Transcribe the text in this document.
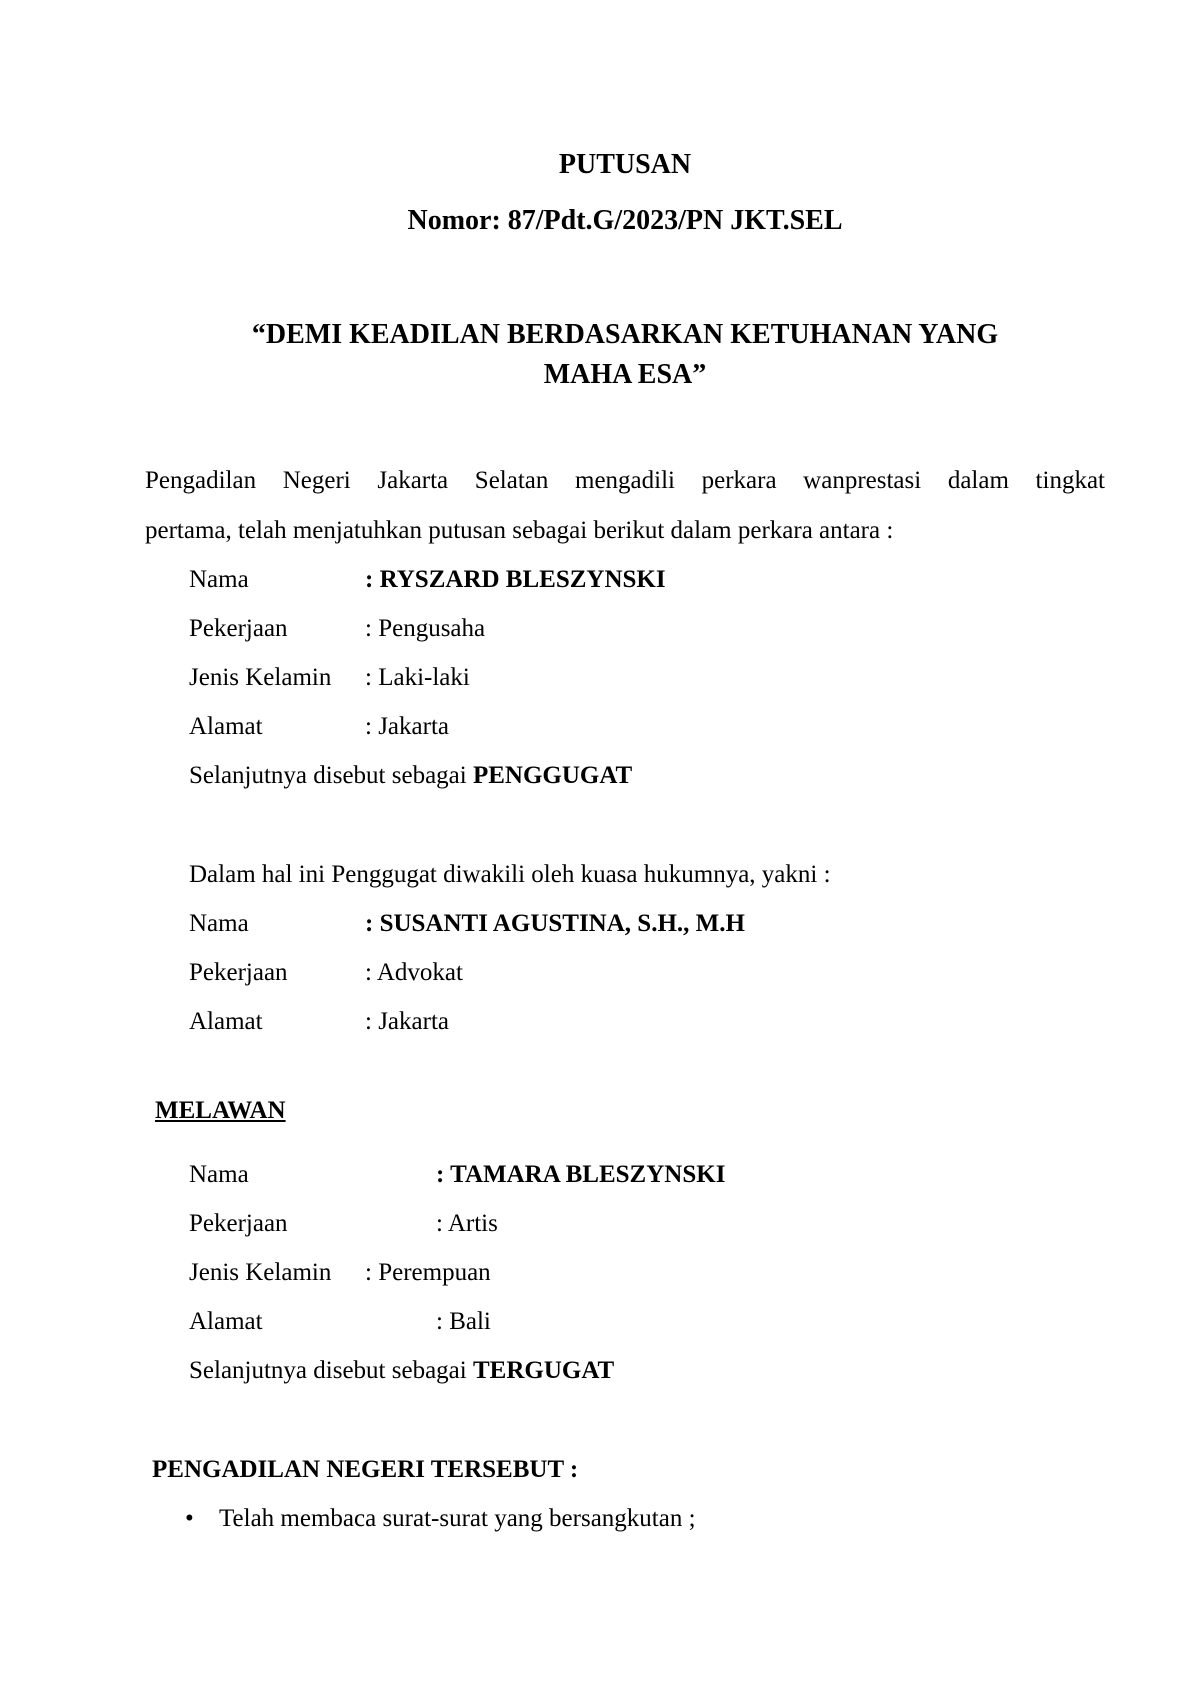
PUTUSAN
Nomor: 87/Pdt.G/2023/PN JKT.SEL
“DEMI KEADILAN BERDASARKAN KETUHANAN YANG
MAHA ESA”
Pengadilan Negeri Jakarta Selatan mengadili perkara wanprestasi dalam tingkat
pertama, telah menjatuhkan putusan sebagai berikut dalam perkara antara :
Nama	: RYSZARD BLESZYNSKI
Pekerjaan	: Pengusaha
Jenis Kelamin : Laki-laki
Alamat	: Jakarta
Selanjutnya disebut sebagai PENGGUGAT
Dalam hal ini Penggugat diwakili oleh kuasa hukumnya, yakni :
Nama	: SUSANTI AGUSTINA, S.H., M.H
Pekerjaan	: Advokat
Alamat	: Jakarta
MELAWAN
Nama	: TAMARA BLESZYNSKI
Pekerjaan	: Artis
Jenis Kelamin : Perempuan
Alamat	: Bali
Selanjutnya disebut sebagai TERGUGAT
PENGADILAN NEGERI TERSEBUT :
• Telah membaca surat-surat yang bersangkutan ;
